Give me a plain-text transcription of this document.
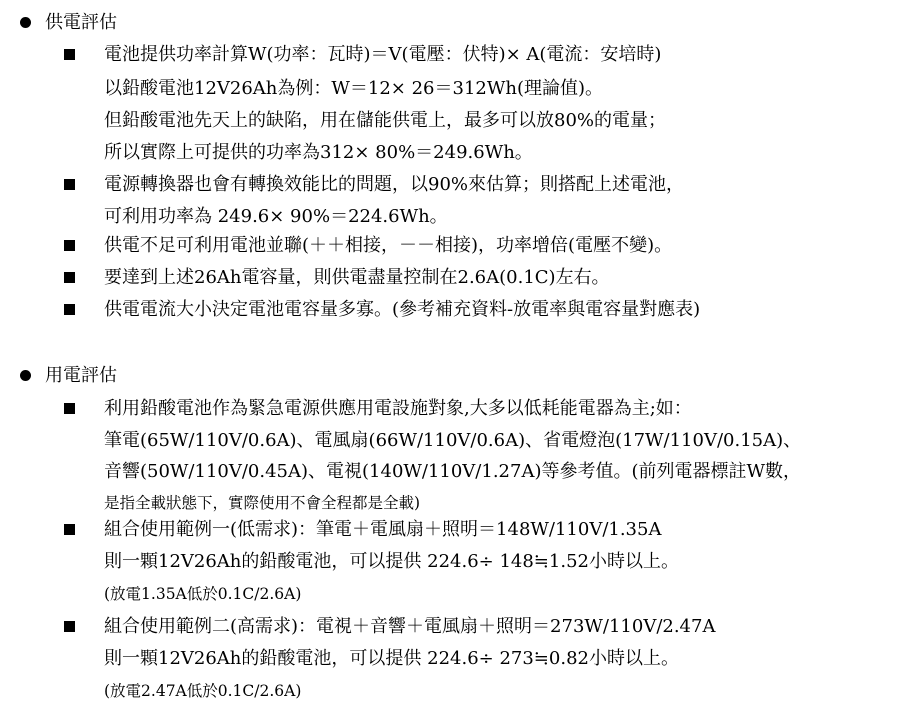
供電評估
電池提供功率計算W(功率：瓦時)＝V(電壓：伏特)× A(電流：安培時)
以鉛酸電池12V26Ah為例：W＝12× 26＝312Wh(理論值)。
但鉛酸電池先天上的缺陷，用在儲能供電上，最多可以放80%的電量；
所以實際上可提供的功率為312× 80%＝249.6Wh。
電源轉換器也會有轉換效能比的問題，以90%來估算；則搭配上述電池，
可利用功率為 249.6× 90%＝224.6Wh。
供電不足可利用電池並聯(＋＋相接，－－相接)，功率增倍(電壓不變)。
要達到上述26Ah電容量，則供電盡量控制在2.6A(0.1C)左右。
供電電流大小決定電池電容量多寡。(參考補充資料-放電率與電容量對應表)
用電評估
利用鉛酸電池作為緊急電源供應用電設施對象,大多以低耗能電器為主;如：
筆電(65W/110V/0.6A)、電風扇(66W/110V/0.6A)、省電燈泡(17W/110V/0.15A)、
音響(50W/110V/0.45A)、電視(140W/110V/1.27A)等參考值。(前列電器標註W數，
是指全載狀態下，實際使用不會全程都是全載)
組合使用範例一(低需求)：筆電＋電風扇＋照明＝148W/110V/1.35A
則一顆12V26Ah的鉛酸電池，可以提供 224.6÷ 148≒1.52小時以上。
(放電1.35A低於0.1C/2.6A)
組合使用範例二(高需求)：電視＋音響＋電風扇＋照明＝273W/110V/2.47A
則一顆12V26Ah的鉛酸電池，可以提供 224.6÷ 273≒0.82小時以上。
(放電2.47A低於0.1C/2.6A)
